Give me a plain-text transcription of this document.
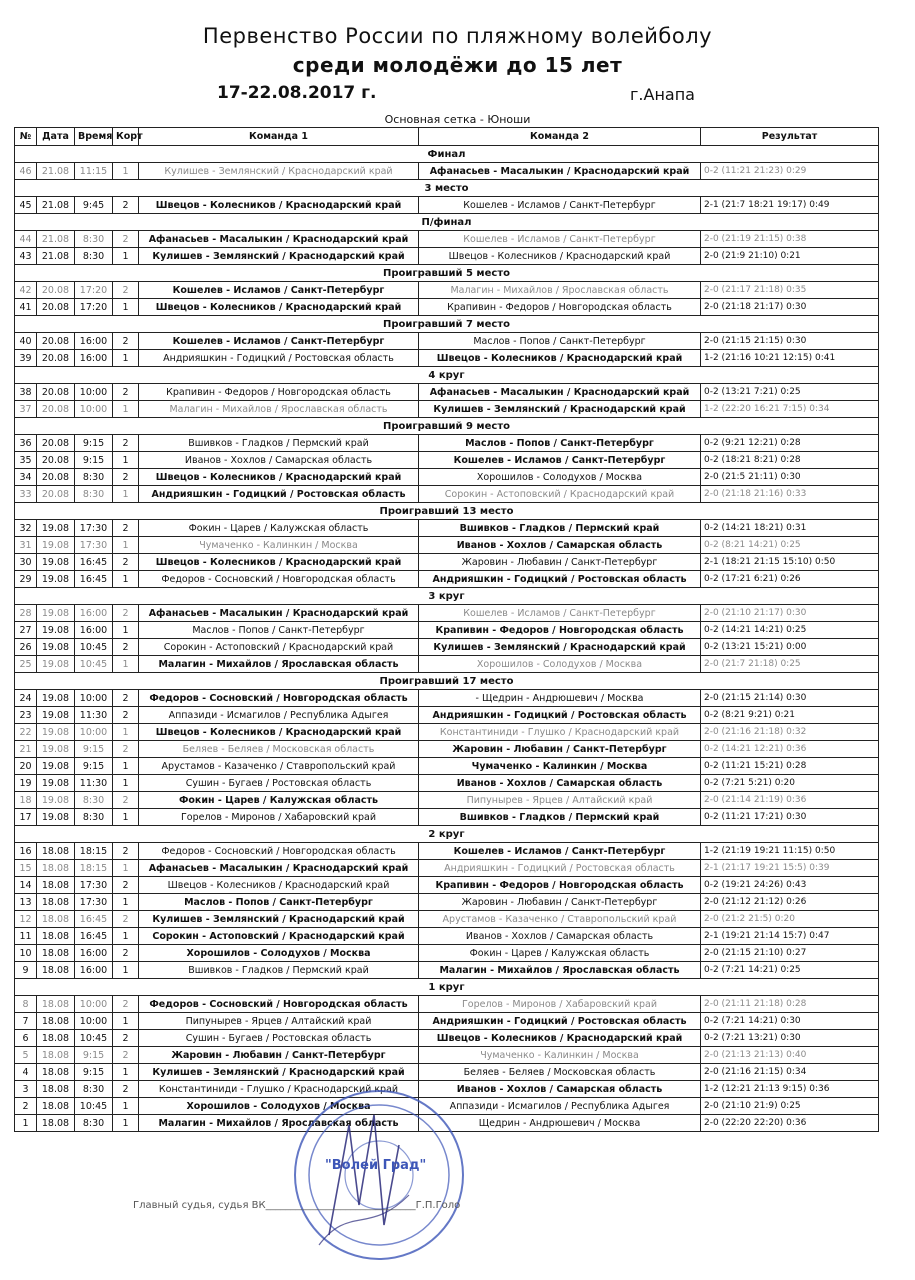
Первенство России по пляжному волейболу
среди молодёжи до 15 лет
17-22.08.2017 г.	г.Анапа
Основная сетка - Юноши
№	Дата	Время	Корт	Команда 1	Команда 2	Результат
Финал						
46	21.08	11:15	1	Кулишев - Землянский / Краснодарский край	Афанасьев - Масалыкин / Краснодарский край	0-2 (11:21 21:23) 0:29
3 место						
45	21.08	9:45	2	Швецов - Колесников / Краснодарский край	Кошелев - Исламов / Санкт-Петербург	2-1 (21:7 18:21 19:17) 0:49
П/финал						
44	21.08	8:30	2	Афанасьев - Масалыкин / Краснодарский край	Кошелев - Исламов / Санкт-Петербург	2-0 (21:19 21:15) 0:38
43	21.08	8:30	1	Кулишев - Землянский / Краснодарский край	Швецов - Колесников / Краснодарский край	2-0 (21:9 21:10) 0:21
Проигравший 5 место						
42	20.08	17:20	2	Кошелев - Исламов / Санкт-Петербург	Малагин - Михайлов / Ярославская область	2-0 (21:17 21:18) 0:35
41	20.08	17:20	1	Швецов - Колесников / Краснодарский край	Крапивин - Федоров / Новгородская область	2-0 (21:18 21:17) 0:30
Проигравший 7 место						
40	20.08	16:00	2	Кошелев - Исламов / Санкт-Петербург	Маслов - Попов / Санкт-Петербург	2-0 (21:15 21:15) 0:30
39	20.08	16:00	1	Андрияшкин - Годицкий / Ростовская область	Швецов - Колесников / Краснодарский край	1-2 (21:16 10:21 12:15) 0:41
4 круг						
38	20.08	10:00	2	Крапивин - Федоров / Новгородская область	Афанасьев - Масалыкин / Краснодарский край	0-2 (13:21 7:21) 0:25
37	20.08	10:00	1	Малагин - Михайлов / Ярославская область	Кулишев - Землянский / Краснодарский край	1-2 (22:20 16:21 7:15) 0:34
Проигравший 9 место						
36	20.08	9:15	2	Вшивков - Гладков / Пермский край	Маслов - Попов / Санкт-Петербург	0-2 (9:21 12:21) 0:28
35	20.08	9:15	1	Иванов - Хохлов / Самарская область	Кошелев - Исламов / Санкт-Петербург	0-2 (18:21 8:21) 0:28
34	20.08	8:30	2	Швецов - Колесников / Краснодарский край	Хорошилов - Солодухов / Москва	2-0 (21:5 21:11) 0:30
33	20.08	8:30	1	Андрияшкин - Годицкий / Ростовская область	Сорокин - Астоповский / Краснодарский край	2-0 (21:18 21:16) 0:33
Проигравший 13 место						
32	19.08	17:30	2	Фокин - Царев / Калужская область	Вшивков - Гладков / Пермский край	0-2 (14:21 18:21) 0:31
31	19.08	17:30	1	Чумаченко - Калинкин / Москва	Иванов - Хохлов / Самарская область	0-2 (8:21 14:21) 0:25
30	19.08	16:45	2	Швецов - Колесников / Краснодарский край	Жаровин - Любавин / Санкт-Петербург	2-1 (18:21 21:15 15:10) 0:50
29	19.08	16:45	1	Федоров - Сосновский / Новгородская область	Андрияшкин - Годицкий / Ростовская область	0-2 (17:21 6:21) 0:26
3 круг						
28	19.08	16:00	2	Афанасьев - Масалыкин / Краснодарский край	Кошелев - Исламов / Санкт-Петербург	2-0 (21:10 21:17) 0:30
27	19.08	16:00	1	Маслов - Попов / Санкт-Петербург	Крапивин - Федоров / Новгородская область	0-2 (14:21 14:21) 0:25
26	19.08	10:45	2	Сорокин - Астоповский / Краснодарский край	Кулишев - Землянский / Краснодарский край	0-2 (13:21 15:21) 0:00
25	19.08	10:45	1	Малагин - Михайлов / Ярославская область	Хорошилов - Солодухов / Москва	2-0 (21:7 21:18) 0:25
Проигравший 17 место						
24	19.08	10:00	2	Федоров - Сосновский / Новгородская область	- Щедрин - Андрюшевич / Москва	2-0 (21:15 21:14) 0:30
23	19.08	11:30	2	Аппазиди - Исмагилов / Республика Адыгея	Андрияшкин - Годицкий / Ростовская область	0-2 (8:21 9:21) 0:21
22	19.08	10:00	1	Швецов - Колесников / Краснодарский край	Константиниди - Глушко / Краснодарский край	2-0 (21:16 21:18) 0:32
21	19.08	9:15	2	Беляев - Беляев / Московская область	Жаровин - Любавин / Санкт-Петербург	0-2 (14:21 12:21) 0:36
20	19.08	9:15	1	Арустамов - Казаченко / Ставропольский край	Чумаченко - Калинкин / Москва	0-2 (11:21 15:21) 0:28
19	19.08	11:30	1	Сушин - Бугаев / Ростовская область	Иванов - Хохлов / Самарская область	0-2 (7:21 5:21) 0:20
18	19.08	8:30	2	Фокин - Царев / Калужская область	Пипунырев - Ярцев / Алтайский край	2-0 (21:14 21:19) 0:36
17	19.08	8:30	1	Горелов - Миронов / Хабаровский край	Вшивков - Гладков / Пермский край	0-2 (11:21 17:21) 0:30
2 круг						
16	18.08	18:15	2	Федоров - Сосновский / Новгородская область	Кошелев - Исламов / Санкт-Петербург	1-2 (21:19 19:21 11:15) 0:50
15	18.08	18:15	1	Афанасьев - Масалыкин / Краснодарский край	Андрияшкин - Годицкий / Ростовская область	2-1 (21:17 19:21 15:5) 0:39
14	18.08	17:30	2	Швецов - Колесников / Краснодарский край	Крапивин - Федоров / Новгородская область	0-2 (19:21 24:26) 0:43
13	18.08	17:30	1	Маслов - Попов / Санкт-Петербург	Жаровин - Любавин / Санкт-Петербург	2-0 (21:12 21:12) 0:26
12	18.08	16:45	2	Кулишев - Землянский / Краснодарский край	Арустамов - Казаченко / Ставропольский край	2-0 (21:2 21:5) 0:20
11	18.08	16:45	1	Сорокин - Астоповский / Краснодарский край	Иванов - Хохлов / Самарская область	2-1 (19:21 21:14 15:7) 0:47
10	18.08	16:00	2	Хорошилов - Солодухов / Москва	Фокин - Царев / Калужская область	2-0 (21:15 21:10) 0:27
9	18.08	16:00	1	Вшивков - Гладков / Пермский край	Малагин - Михайлов / Ярославская область	0-2 (7:21 14:21) 0:25
1 круг						
8	18.08	10:00	2	Федоров - Сосновский / Новгородская область	Горелов - Миронов / Хабаровский край	2-0 (21:11 21:18) 0:28
7	18.08	10:00	1	Пипунырев - Ярцев / Алтайский край	Андрияшкин - Годицкий / Ростовская область	0-2 (7:21 14:21) 0:30
6	18.08	10:45	2	Сушин - Бугаев / Ростовская область	Швецов - Колесников / Краснодарский край	0-2 (7:21 13:21) 0:30
5	18.08	9:15	2	Жаровин - Любавин / Санкт-Петербург	Чумаченко - Калинкин / Москва	2-0 (21:13 21:13) 0:40
4	18.08	9:15	1	Кулишев - Землянский / Краснодарский край	Беляев - Беляев / Московская область	2-0 (21:16 21:15) 0:34
3	18.08	8:30	2	Константиниди - Глушко / Краснодарский край	Иванов - Хохлов / Самарская область	1-2 (12:21 21:13 9:15) 0:36
2	18.08	10:45	1	Хорошилов - Солодухов / Москва	Аппазиди - Исмагилов / Республика Адыгея	2-0 (21:10 21:9) 0:25
1	18.08	8:30	1	Малагин - Михайлов / Ярославская область	Щедрин - Андрюшевич / Москва	2-0 (22:20 22:20) 0:36
"Волей Град"
Главный судья, судья ВК______________________________Г.П.Голо
